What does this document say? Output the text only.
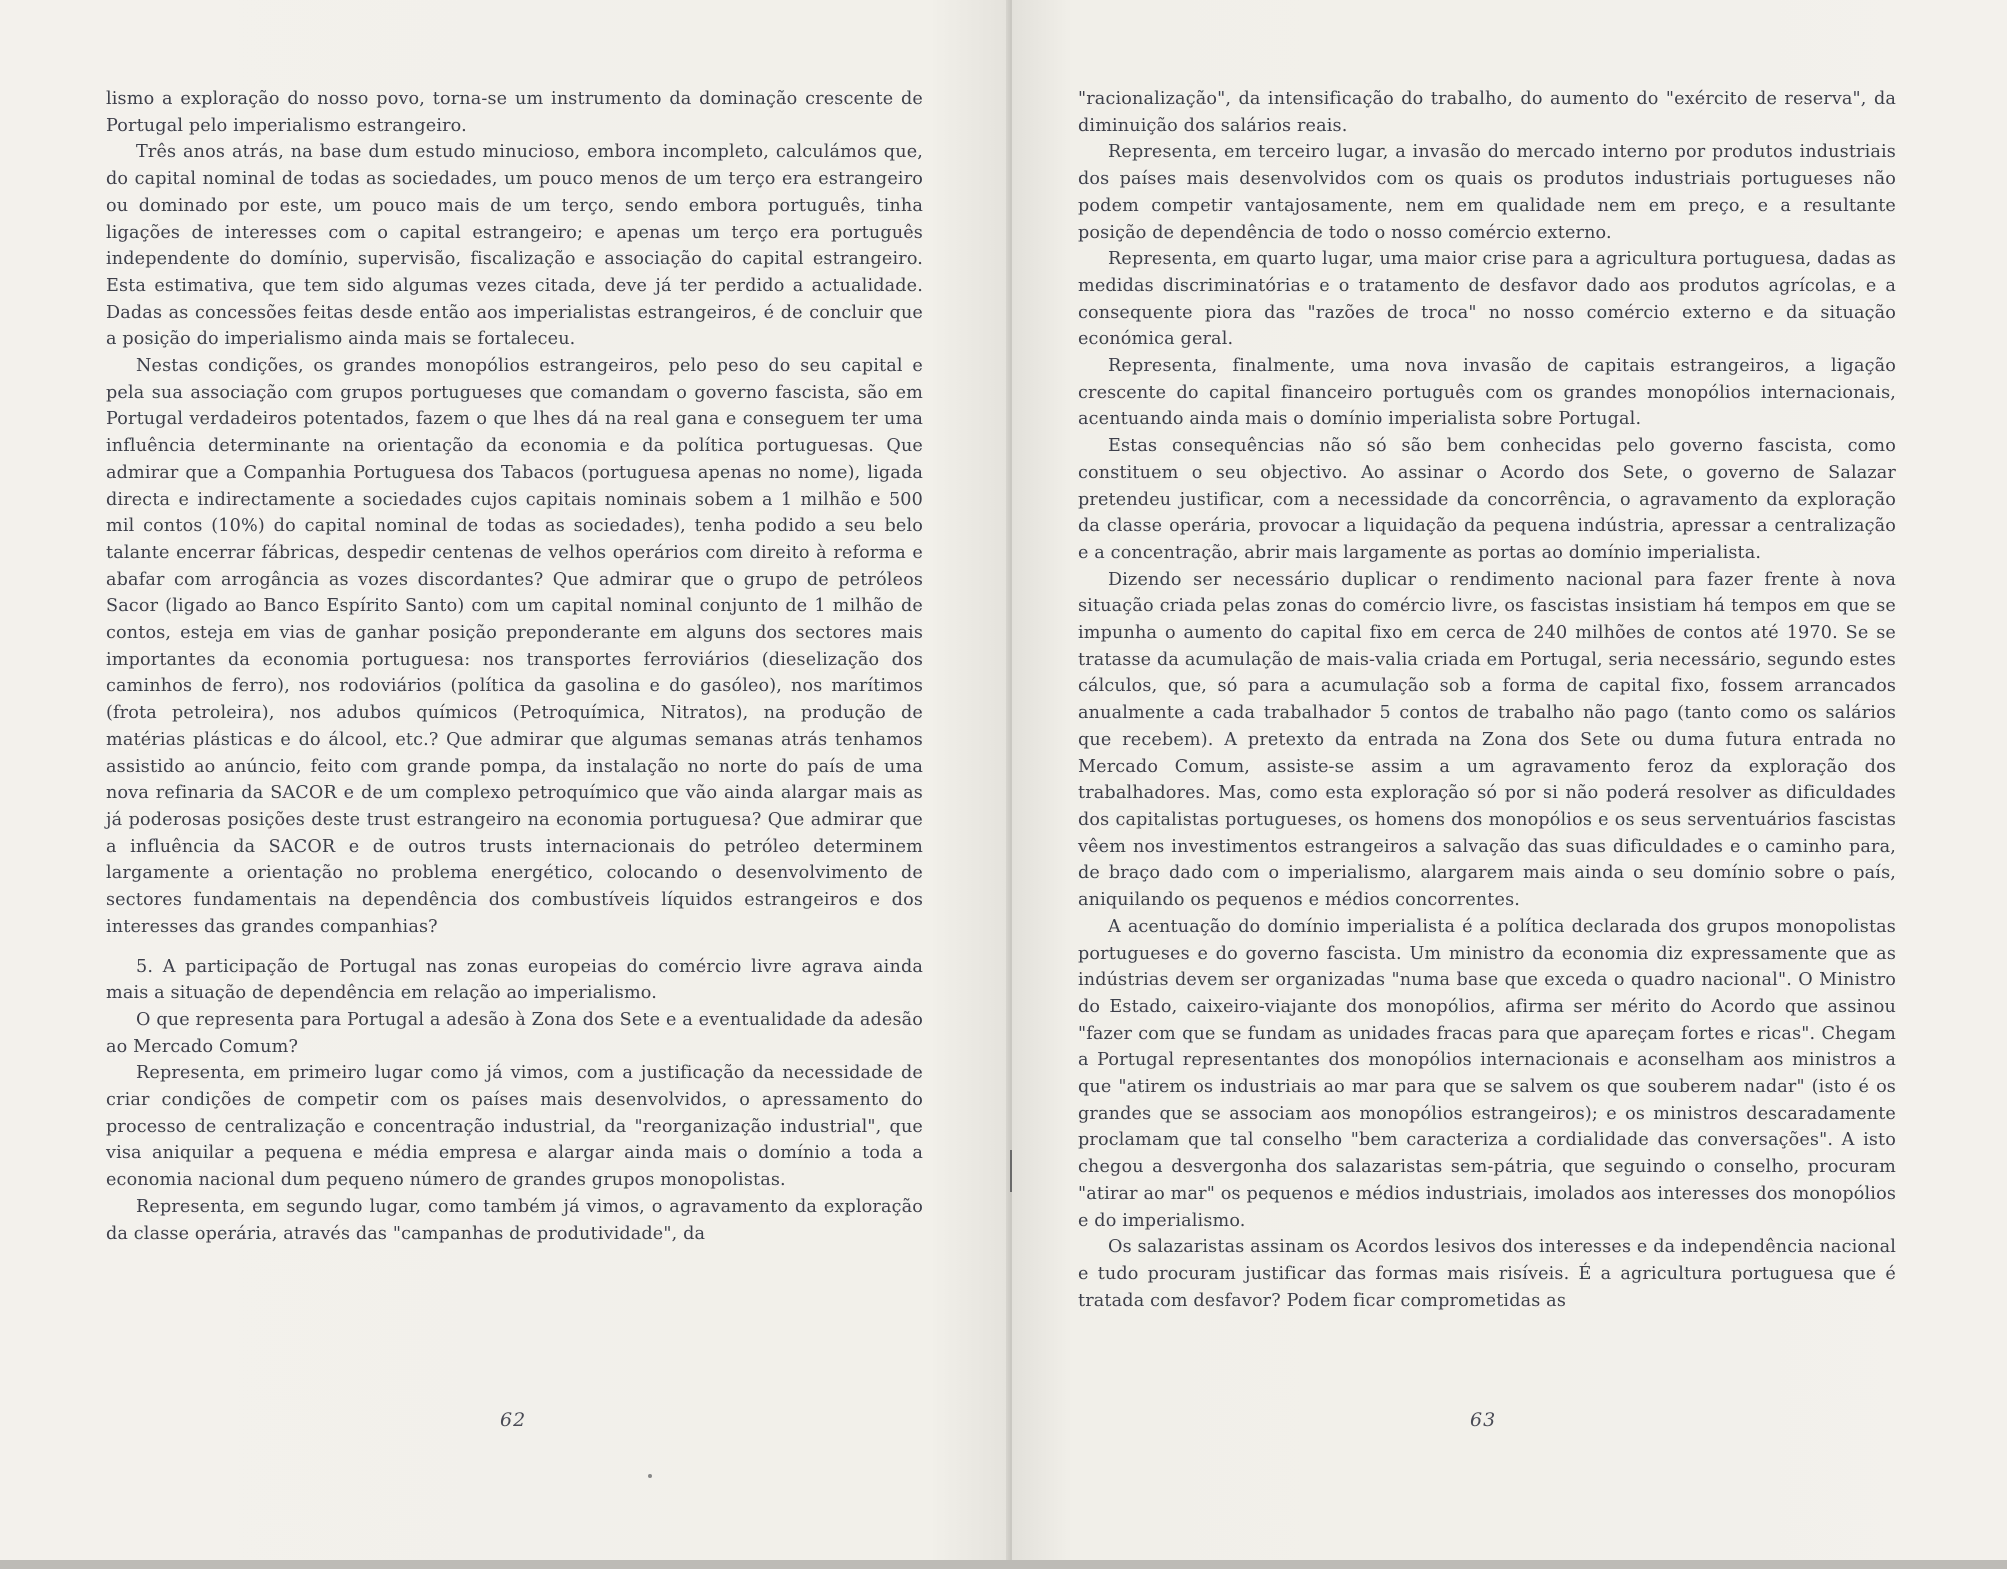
lismo a exploração do nosso povo, torna-se um instrumento da dominação crescente de Portugal pelo imperialismo estrangeiro.

Três anos atrás, na base dum estudo minucioso, embora incompleto, calculámos que, do capital nominal de todas as sociedades, um pouco menos de um terço era estrangeiro ou dominado por este, um pouco mais de um terço, sendo embora português, tinha ligações de interesses com o capital estrangeiro; e apenas um terço era português independente do domínio, supervisão, fiscalização e associação do capital estrangeiro. Esta estimativa, que tem sido algumas vezes citada, deve já ter perdido a actualidade. Dadas as concessões feitas desde então aos imperialistas estrangeiros, é de concluir que a posição do imperialismo ainda mais se fortaleceu.

Nestas condições, os grandes monopólios estrangeiros, pelo peso do seu capital e pela sua associação com grupos portugueses que comandam o governo fascista, são em Portugal verdadeiros potentados, fazem o que lhes dá na real gana e conseguem ter uma influência determinante na orientação da economia e da política portuguesas. Que admirar que a Companhia Portuguesa dos Tabacos (portuguesa apenas no nome), ligada directa e indirectamente a sociedades cujos capitais nominais sobem a 1 milhão e 500 mil contos (10%) do capital nominal de todas as sociedades), tenha podido a seu belo talante encerrar fábricas, despedir centenas de velhos operários com direito à reforma e abafar com arrogância as vozes discordantes? Que admirar que o grupo de petróleos Sacor (ligado ao Banco Espírito Santo) com um capital nominal conjunto de 1 milhão de contos, esteja em vias de ganhar posição preponderante em alguns dos sectores mais importantes da economia portuguesa: nos transportes ferroviários (dieselização dos caminhos de ferro), nos rodoviários (política da gasolina e do gasóleo), nos marítimos (frota petroleira), nos adubos químicos (Petroquímica, Nitratos), na produção de matérias plásticas e do álcool, etc.? Que admirar que algumas semanas atrás tenhamos assistido ao anúncio, feito com grande pompa, da instalação no norte do país de uma nova refinaria da SACOR e de um complexo petroquímico que vão ainda alargar mais as já poderosas posições deste trust estrangeiro na economia portuguesa? Que admirar que a influência da SACOR e de outros trusts internacionais do petróleo determinem largamente a orientação no problema energético, colocando o desenvolvimento de sectores fundamentais na dependência dos combustíveis líquidos estrangeiros e dos interesses das grandes companhias?

5. A participação de Portugal nas zonas europeias do comércio livre agrava ainda mais a situação de dependência em relação ao imperialismo.

O que representa para Portugal a adesão à Zona dos Sete e a eventualidade da adesão ao Mercado Comum?

Representa, em primeiro lugar como já vimos, com a justificação da necessidade de criar condições de competir com os países mais desenvolvidos, o apressamento do processo de centralização e concentração industrial, da "reorganização industrial", que visa aniquilar a pequena e média empresa e alargar ainda mais o domínio a toda a economia nacional dum pequeno número de grandes grupos monopolistas.

Representa, em segundo lugar, como também já vimos, o agravamento da exploração da classe operária, através das "campanhas de produtividade", da

62

"racionalização", da intensificação do trabalho, do aumento do "exército de reserva", da diminuição dos salários reais.

Representa, em terceiro lugar, a invasão do mercado interno por produtos industriais dos países mais desenvolvidos com os quais os produtos industriais portugueses não podem competir vantajosamente, nem em qualidade nem em preço, e a resultante posição de dependência de todo o nosso comércio externo.

Representa, em quarto lugar, uma maior crise para a agricultura portuguesa, dadas as medidas discriminatórias e o tratamento de desfavor dado aos produtos agrícolas, e a consequente piora das "razões de troca" no nosso comércio externo e da situação económica geral.

Representa, finalmente, uma nova invasão de capitais estrangeiros, a ligação crescente do capital financeiro português com os grandes monopólios internacionais, acentuando ainda mais o domínio imperialista sobre Portugal.

Estas consequências não só são bem conhecidas pelo governo fascista, como constituem o seu objectivo. Ao assinar o Acordo dos Sete, o governo de Salazar pretendeu justificar, com a necessidade da concorrência, o agravamento da exploração da classe operária, provocar a liquidação da pequena indústria, apressar a centralização e a concentração, abrir mais largamente as portas ao domínio imperialista.

Dizendo ser necessário duplicar o rendimento nacional para fazer frente à nova situação criada pelas zonas do comércio livre, os fascistas insistiam há tempos em que se impunha o aumento do capital fixo em cerca de 240 milhões de contos até 1970. Se se tratasse da acumulação de mais-valia criada em Portugal, seria necessário, segundo estes cálculos, que, só para a acumulação sob a forma de capital fixo, fossem arrancados anualmente a cada trabalhador 5 contos de trabalho não pago (tanto como os salários que recebem). A pretexto da entrada na Zona dos Sete ou duma futura entrada no Mercado Comum, assiste-se assim a um agravamento feroz da exploração dos trabalhadores. Mas, como esta exploração só por si não poderá resolver as dificuldades dos capitalistas portugueses, os homens dos monopólios e os seus serventuários fascistas vêem nos investimentos estrangeiros a salvação das suas dificuldades e o caminho para, de braço dado com o imperialismo, alargarem mais ainda o seu domínio sobre o país, aniquilando os pequenos e médios concorrentes.

A acentuação do domínio imperialista é a política declarada dos grupos monopolistas portugueses e do governo fascista. Um ministro da economia diz expressamente que as indústrias devem ser organizadas "numa base que exceda o quadro nacional". O Ministro do Estado, caixeiro-viajante dos monopólios, afirma ser mérito do Acordo que assinou "fazer com que se fundam as unidades fracas para que apareçam fortes e ricas". Chegam a Portugal representantes dos monopólios internacionais e aconselham aos ministros a que "atirem os industriais ao mar para que se salvem os que souberem nadar" (isto é os grandes que se associam aos monopólios estrangeiros); e os ministros descaradamente proclamam que tal conselho "bem caracteriza a cordialidade das conversações". A isto chegou a desvergonha dos salazaristas sem-pátria, que seguindo o conselho, procuram "atirar ao mar" os pequenos e médios industriais, imolados aos interesses dos monopólios e do imperialismo.

Os salazaristas assinam os Acordos lesivos dos interesses e da independência nacional e tudo procuram justificar das formas mais risíveis. É a agricultura portuguesa que é tratada com desfavor? Podem ficar comprometidas as

63
